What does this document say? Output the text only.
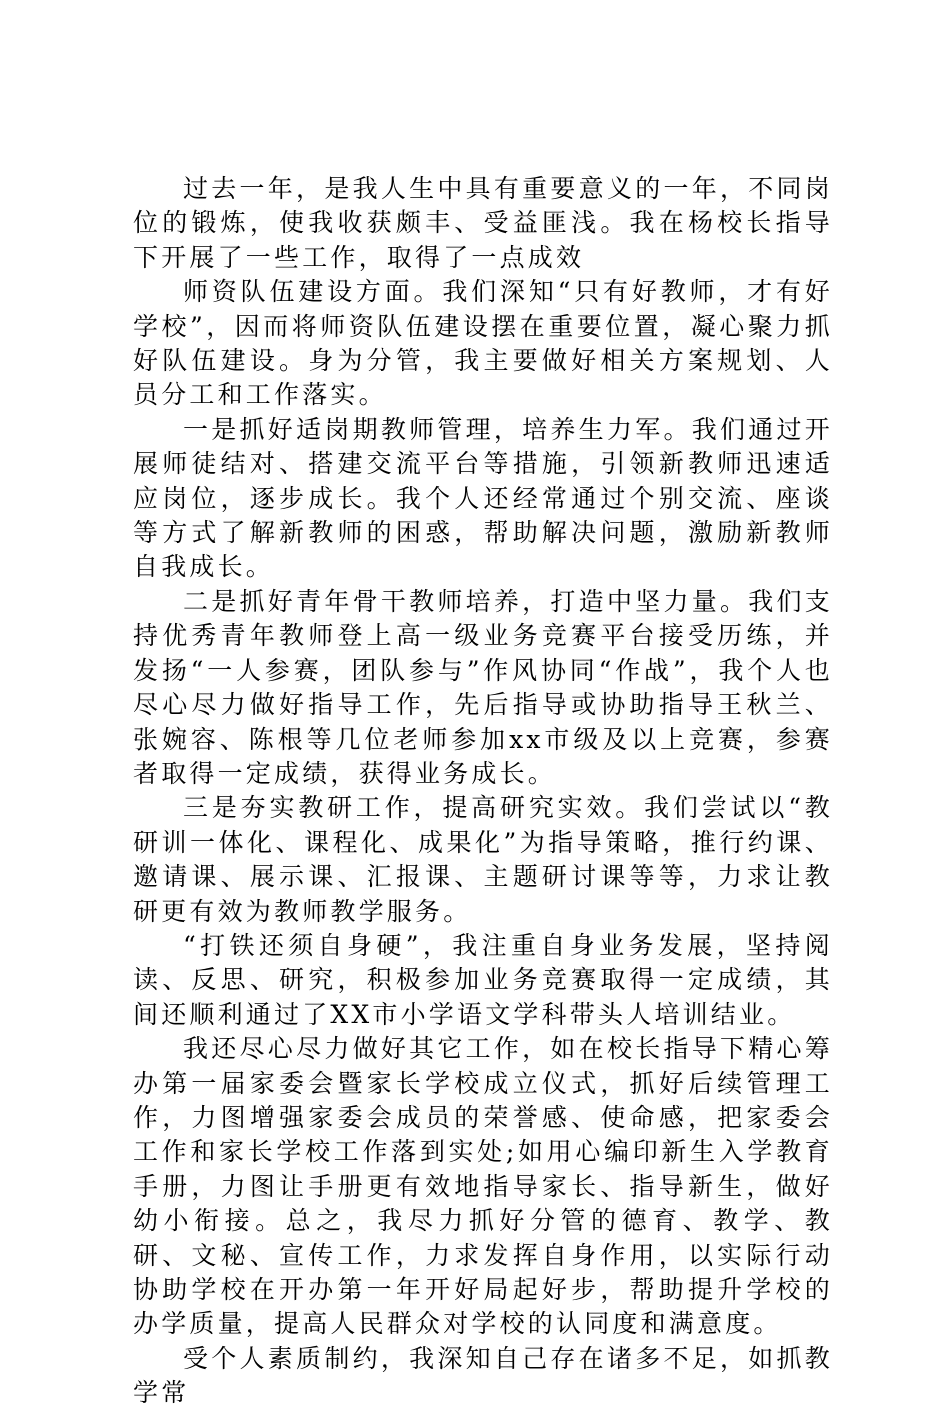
过去一年，是我人生中具有重要意义的一年，不同岗位的锻炼，使我收获颇丰、受益匪浅。我在杨校长指导下开展了一些工作，取得了一点成效

师资队伍建设方面。我们深知“只有好教师，才有好学校”，因而将师资队伍建设摆在重要位置，凝心聚力抓好队伍建设。身为分管，我主要做好相关方案规划、人员分工和工作落实。

一是抓好适岗期教师管理，培养生力军。我们通过开展师徒结对、搭建交流平台等措施，引领新教师迅速适应岗位，逐步成长。我个人还经常通过个别交流、座谈等方式了解新教师的困惑，帮助解决问题，激励新教师自我成长。

二是抓好青年骨干教师培养，打造中坚力量。我们支持优秀青年教师登上高一级业务竞赛平台接受历练，并发扬“一人参赛，团队参与”作风协同“作战”，我个人也尽心尽力做好指导工作，先后指导或协助指导王秋兰、张婉容、陈根等几位老师参加xx市级及以上竞赛，参赛者取得一定成绩，获得业务成长。

三是夯实教研工作，提高研究实效。我们尝试以“教研训一体化、课程化、成果化”为指导策略，推行约课、邀请课、展示课、汇报课、主题研讨课等等，力求让教研更有效为教师教学服务。

“打铁还须自身硬”，我注重自身业务发展，坚持阅读、反思、研究，积极参加业务竞赛取得一定成绩，其间还顺利通过了XX市小学语文学科带头人培训结业。

我还尽心尽力做好其它工作，如在校长指导下精心筹办第一届家委会暨家长学校成立仪式，抓好后续管理工作，力图增强家委会成员的荣誉感、使命感，把家委会工作和家长学校工作落到实处;如用心编印新生入学教育手册，力图让手册更有效地指导家长、指导新生，做好幼小衔接。总之，我尽力抓好分管的德育、教学、教研、文秘、宣传工作，力求发挥自身作用，以实际行动协助学校在开办第一年开好局起好步，帮助提升学校的办学质量，提高人民群众对学校的认同度和满意度。

受个人素质制约，我深知自己存在诸多不足，如抓教学常
